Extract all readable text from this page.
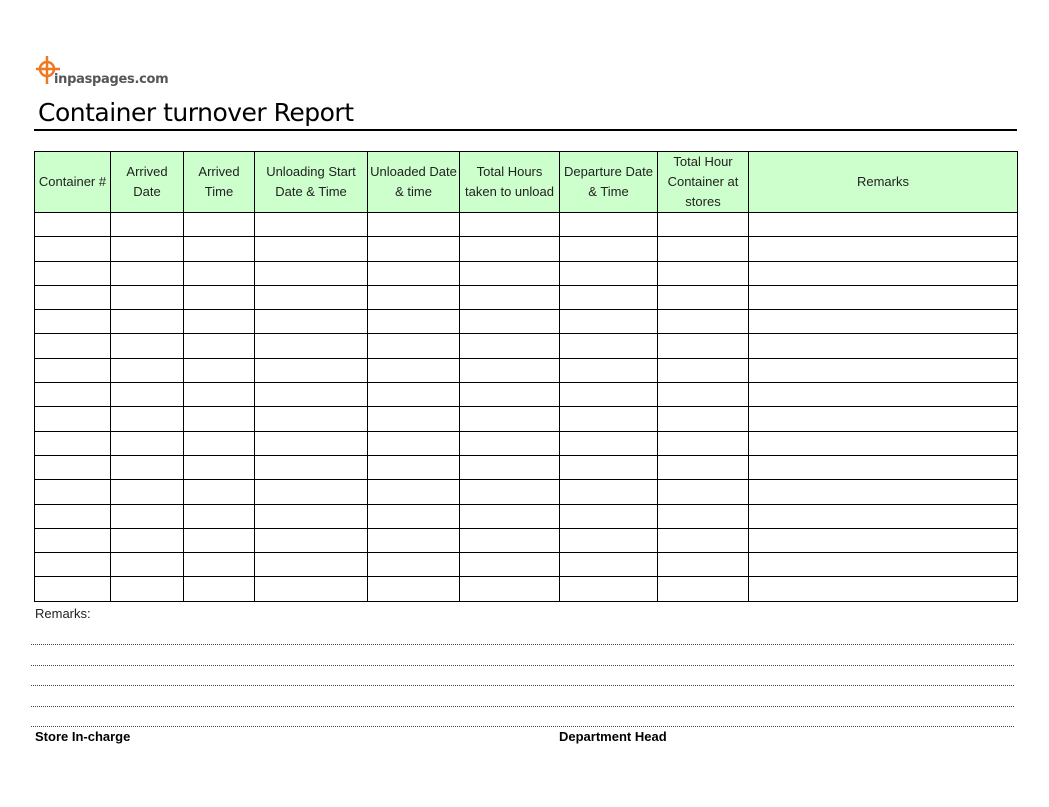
inpaspages.com
Container turnover Report
Container #	Arrived Date	Arrived Time	Unloading Start Date & Time	Unloaded Date & time	Total Hours taken to unload	Departure Date & Time	Total Hour Container at stores	Remarks

Remarks:
Store In-charge	Department Head
